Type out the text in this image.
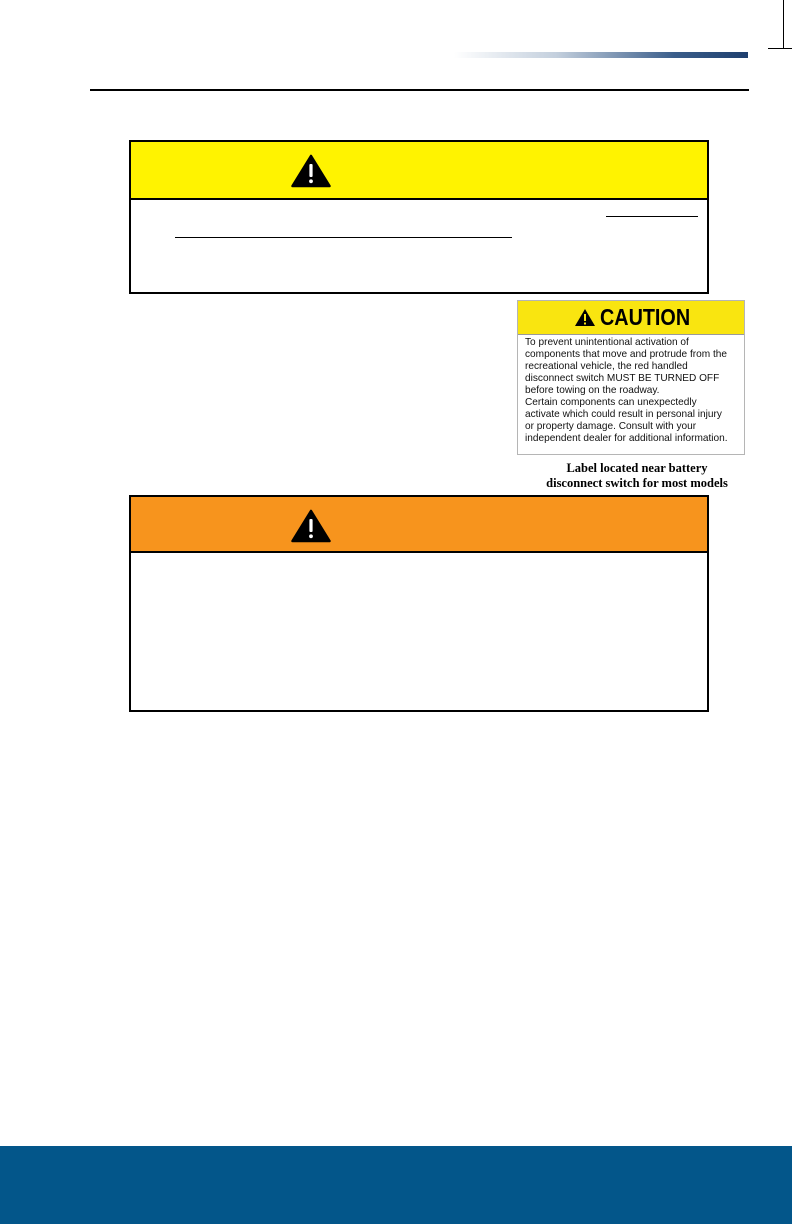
CAUTION
To prevent unintentional activation of
components that move and protrude from the
recreational vehicle, the red handled
disconnect switch MUST BE TURNED OFF
before towing on the roadway.
Certain components can unexpectedly
activate which could result in personal injury
or property damage. Consult with your
independent dealer for additional information.
Label located near battery
disconnect switch for most models
